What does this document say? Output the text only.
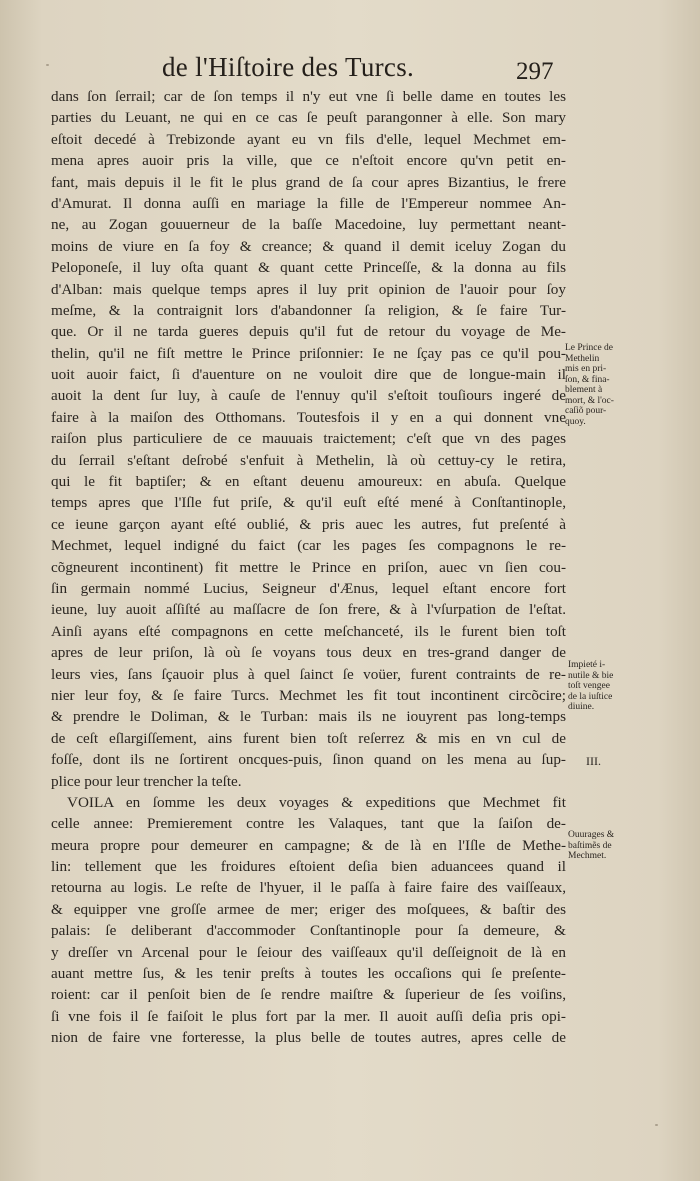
de l'Hiſtoire des Turcs.	297
dans ſon ſerrail; car de ſon temps il n'y eut vne ſi belle dame en toutes les
parties du Leuant, ne qui en ce cas ſe peuſt parangonner à elle. Son mary
eſtoit decedé à Trebizonde ayant eu vn fils d'elle, lequel Mechmet em-
mena apres auoir pris la ville, que ce n'eſtoit encore qu'vn petit en-
fant, mais depuis il le fit le plus grand de ſa cour apres Bizantius, le frere
d'Amurat. Il donna auſſi en mariage la fille de l'Empereur nommee An-
ne, au Zogan gouuerneur de la baſſe Macedoine, luy permettant neant-
moins de viure en ſa foy & creance; & quand il demit iceluy Zogan du
Peloponeſe, il luy oſta quant & quant cette Princeſſe, & la donna au fils
d'Alban: mais quelque temps apres il luy prit opinion de l'auoir pour ſoy
meſme, & la contraignit lors d'abandonner ſa religion, & ſe faire Tur-
que. Or il ne tarda gueres depuis qu'il fut de retour du voyage de Me-
thelin, qu'il ne fiſt mettre le Prince priſonnier: Ie ne ſçay pas ce qu'il pou-
uoit auoir faict, ſi d'auenture on ne vouloit dire que de longue-main il
auoit la dent ſur luy, à cauſe de l'ennuy qu'il s'eſtoit touſiours ingeré de
faire à la maiſon des Otthomans. Toutesfois il y en a qui donnent vne
raiſon plus particuliere de ce mauuais traictement; c'eſt que vn des pages
du ſerrail s'eſtant deſrobé s'enfuit à Methelin, là où cettuy-cy le retira,
qui le fit baptiſer; & en eſtant deuenu amoureux: en abuſa. Quelque
temps apres que l'Iſle fut priſe, & qu'il euſt eſté mené à Conſtantinople,
ce ieune garçon ayant eſté oublié, & pris auec les autres, fut preſenté à
Mechmet, lequel indigné du faict (car les pages ſes compagnons le re-
cõgneurent incontinent) fit mettre le Prince en priſon, auec vn ſien cou-
ſin germain nommé Lucius, Seigneur d'Ænus, lequel eſtant encore fort
ieune, luy auoit aſſiſté au maſſacre de ſon frere, & à l'vſurpation de l'eſtat.
Ainſi ayans eſté compagnons en cette meſchanceté, ils le furent bien toſt
apres de leur priſon, là où ſe voyans tous deux en tres-grand danger de
leurs vies, ſans ſçauoir plus à quel ſainct ſe voüer, furent contraints de re-
nier leur foy, & ſe faire Turcs. Mechmet les fit tout incontinent circõcire;
& prendre le Doliman, & le Turban: mais ils ne iouyrent pas long-temps
de ceſt eſlargiſſement, ains furent bien toſt reſerrez & mis en vn cul de
foſſe, dont ils ne ſortirent oncques-puis, ſinon quand on les mena au ſup-
plice pour leur trencher la teſte.
VOILA en ſomme les deux voyages & expeditions que Mechmet fit
celle annee: Premierement contre les Valaques, tant que la ſaiſon de-
meura propre pour demeurer en campagne; & de là en l'Iſle de Methe-
lin: tellement que les froidures eſtoient deſia bien aduancees quand il
retourna au logis. Le reſte de l'hyuer, il le paſſa à faire faire des vaiſſeaux,
& equipper vne groſſe armee de mer; eriger des moſquees, & baſtir des
palais: ſe deliberant d'accommoder Conſtantinople pour ſa demeure, &
y dreſſer vn Arcenal pour le ſeiour des vaiſſeaux qu'il deſſeignoit de là en
auant mettre ſus, & les tenir preſts à toutes les occaſions qui ſe preſente-
roient: car il penſoit bien de ſe rendre maiſtre & ſuperieur de ſes voiſins,
ſi vne fois il ſe faiſoit le plus fort par la mer. Il auoit auſſi deſia pris opi-
nion de faire vne forteresse, la plus belle de toutes autres, apres celle de
Le Prince de
Methelin
mis en pri-
ſon, & fina-
blement à
mort, & l'oc-
caſiõ pour-
quoy.
Impieté i-
nutile & bie
toſt vengee
de la iuſtice
diuine.
III.
Ouurages &
baſtimẽs de
Mechmet.
